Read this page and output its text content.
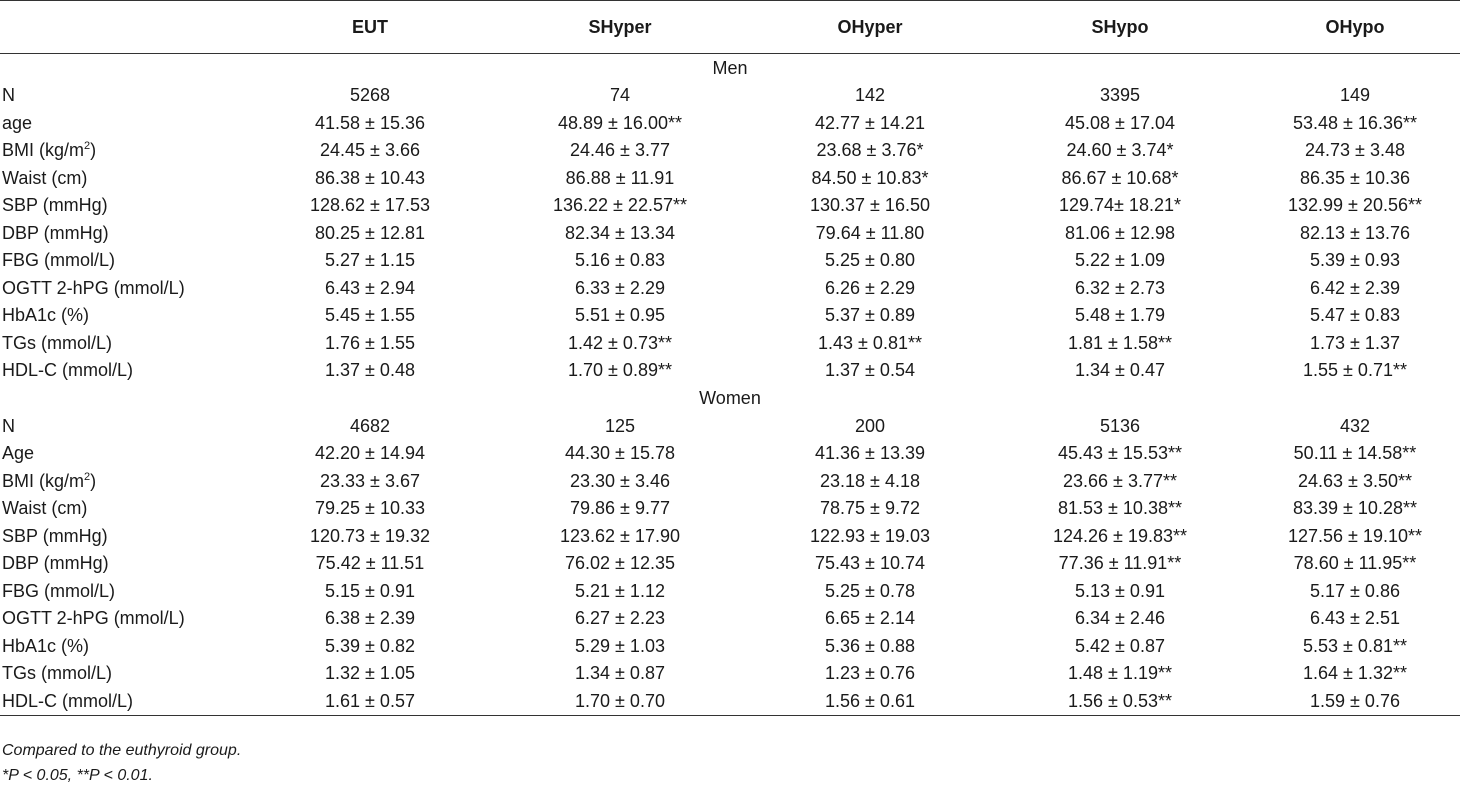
	EUT	SHyper	OHyper	SHypo	OHypo
Men					
N	5268	74	142	3395	149
age	41.58 ± 15.36	48.89 ± 16.00**	42.77 ± 14.21	45.08 ± 17.04	53.48 ± 16.36**
BMI $(kg/m^2)$	24.45 ± 3.66	24.46 ± 3.77	23.68 ± 3.76*	24.60 ± 3.74*	24.73 ± 3.48
Waist (cm)	86.38 ± 10.43	86.88 ± 11.91	84.50 ± 10.83*	86.67 ± 10.68*	86.35 ± 10.36
SBP (mmHg)	128.62 ± 17.53	136.22 ± 22.57**	130.37 ± 16.50	129.74± 18.21*	132.99 ± 20.56**
DBP (mmHg)	80.25 ± 12.81	82.34 ± 13.34	79.64 ± 11.80	81.06 ± 12.98	82.13 ± 13.76
FBG (mmol/L)	5.27 ± 1.15	5.16 ± 0.83	5.25 ± 0.80	5.22 ± 1.09	5.39 ± 0.93
OGTT 2-hPG (mmol/L)	6.43 ± 2.94	6.33 ± 2.29	6.26 ± 2.29	6.32 ± 2.73	6.42 ± 2.39
HbA1c (%)	5.45 ± 1.55	5.51 ± 0.95	5.37 ± 0.89	5.48 ± 1.79	5.47 ± 0.83
TGs (mmol/L)	1.76 ± 1.55	1.42 ± 0.73**	1.43 ± 0.81**	1.81 ± 1.58**	1.73 ± 1.37
HDL-C (mmol/L)	1.37 ± 0.48	1.70 ± 0.89**	1.37 ± 0.54	1.34 ± 0.47	1.55 ± 0.71**
Women					
N	4682	125	200	5136	432
Age	42.20 ± 14.94	44.30 ± 15.78	41.36 ± 13.39	45.43 ± 15.53**	50.11 ± 14.58**
BMI $(kg/m^2)$	23.33 ± 3.67	23.30 ± 3.46	23.18 ± 4.18	23.66 ± 3.77**	24.63 ± 3.50**
Waist (cm)	79.25 ± 10.33	79.86 ± 9.77	78.75 ± 9.72	81.53 ± 10.38**	83.39 ± 10.28**
SBP (mmHg)	120.73 ± 19.32	123.62 ± 17.90	122.93 ± 19.03	124.26 ± 19.83**	127.56 ± 19.10**
DBP (mmHg)	75.42 ± 11.51	76.02 ± 12.35	75.43 ± 10.74	77.36 ± 11.91**	78.60 ± 11.95**
FBG (mmol/L)	5.15 ± 0.91	5.21 ± 1.12	5.25 ± 0.78	5.13 ± 0.91	5.17 ± 0.86
OGTT 2-hPG (mmol/L)	6.38 ± 2.39	6.27 ± 2.23	6.65 ± 2.14	6.34 ± 2.46	6.43 ± 2.51
HbA1c (%)	5.39 ± 0.82	5.29 ± 1.03	5.36 ± 0.88	5.42 ± 0.87	5.53 ± 0.81**
TGs (mmol/L)	1.32 ± 1.05	1.34 ± 0.87	1.23 ± 0.76	1.48 ± 1.19**	1.64 ± 1.32**
HDL-C (mmol/L)	1.61 ± 0.57	1.70 ± 0.70	1.56 ± 0.61	1.56 ± 0.53**	1.59 ± 0.76
Compared to the euthyroid group.
*P < 0.05, **P < 0.01.
